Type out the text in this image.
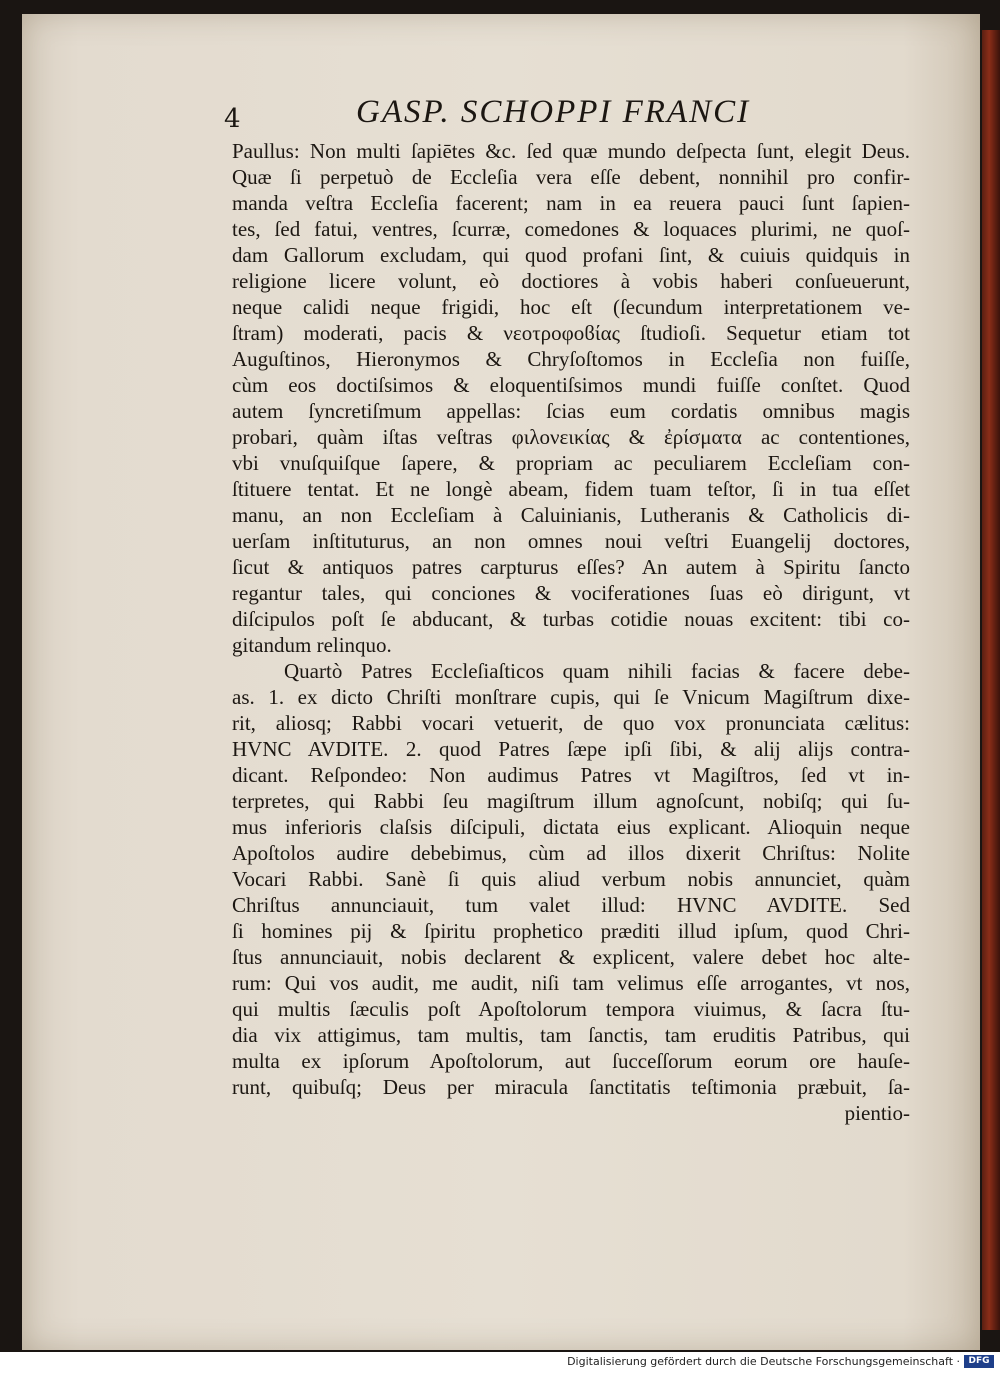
4	GASP. SCHOPPI FRANCI
Paullus: Non multi ſapiētes &c. ſed quæ mundo deſpecta ſunt, elegit Deus.
Quæ ſi perpetuò de Eccleſia vera eſſe debent, nonnihil pro confir-
manda veſtra Eccleſia facerent; nam in ea reuera pauci ſunt ſapien-
tes, ſed fatui, ventres, ſcurræ, comedones & loquaces plurimi, ne quoſ-
dam Gallorum excludam, qui quod profani ſint, & cuiuis quidquis in
religione licere volunt, eò doctiores à vobis haberi conſueuerunt,
neque calidi neque frigidi, hoc eſt (ſecundum interpretationem ve-
ſtram) moderati, pacis & νεοτροφοϐίας ſtudioſi. Sequetur etiam tot
Auguſtinos, Hieronymos & Chryſoſtomos in Eccleſia non fuiſſe,
cùm eos doctiſsimos & eloquentiſsimos mundi fuiſſe conſtet. Quod
autem ſyncretiſmum appellas: ſcias eum cordatis omnibus magis
probari, quàm iſtas veſtras φιλονεικίας & ἐρίσματα ac contentiones,
vbi vnuſquiſque ſapere, & propriam ac peculiarem Eccleſiam con-
ſtituere tentat. Et ne longè abeam, fidem tuam teſtor, ſi in tua eſſet
manu, an non Eccleſiam à Caluinianis, Lutheranis & Catholicis di-
uerſam inſtituturus, an non omnes noui veſtri Euangelij doctores,
ſicut & antiquos patres carpturus eſſes? An autem à Spiritu ſancto
regantur tales, qui conciones & vociferationes ſuas eò dirigunt, vt
diſcipulos poſt ſe abducant, & turbas cotidie nouas excitent: tibi co-
gitandum relinquo.
Quartò Patres Eccleſiaſticos quam nihili facias & facere debe-
as. 1. ex dicto Chriſti monſtrare cupis, qui ſe Vnicum Magiſtrum dixe-
rit, aliosq; Rabbi vocari vetuerit, de quo vox pronunciata cælitus:
HVNC AVDITE. 2. quod Patres ſæpe ipſi ſibi, & alij alijs contra-
dicant. Reſpondeo: Non audimus Patres vt Magiſtros, ſed vt in-
terpretes, qui Rabbi ſeu magiſtrum illum agnoſcunt, nobiſq; qui ſu-
mus inferioris claſsis diſcipuli, dictata eius explicant. Alioquin neque
Apoſtolos audire debebimus, cùm ad illos dixerit Chriſtus: Nolite
Vocari Rabbi. Sanè ſi quis aliud verbum nobis annunciet, quàm
Chriſtus annunciauit, tum valet illud: HVNC AVDITE. Sed
ſi homines pij & ſpiritu prophetico præditi illud ipſum, quod Chri-
ſtus annunciauit, nobis declarent & explicent, valere debet hoc alte-
rum: Qui vos audit, me audit, niſi tam velimus eſſe arrogantes, vt nos,
qui multis ſæculis poſt Apoſtolorum tempora viuimus, & ſacra ſtu-
dia vix attigimus, tam multis, tam ſanctis, tam eruditis Patribus, qui
multa ex ipſorum Apoſtolorum, aut ſucceſſorum eorum ore hauſe-
runt, quibuſq; Deus per miracula ſanctitatis teſtimonia præbuit, ſa-
pientio-
Digitalisierung gefördert durch die Deutsche Forschungsgemeinschaft · DFG
